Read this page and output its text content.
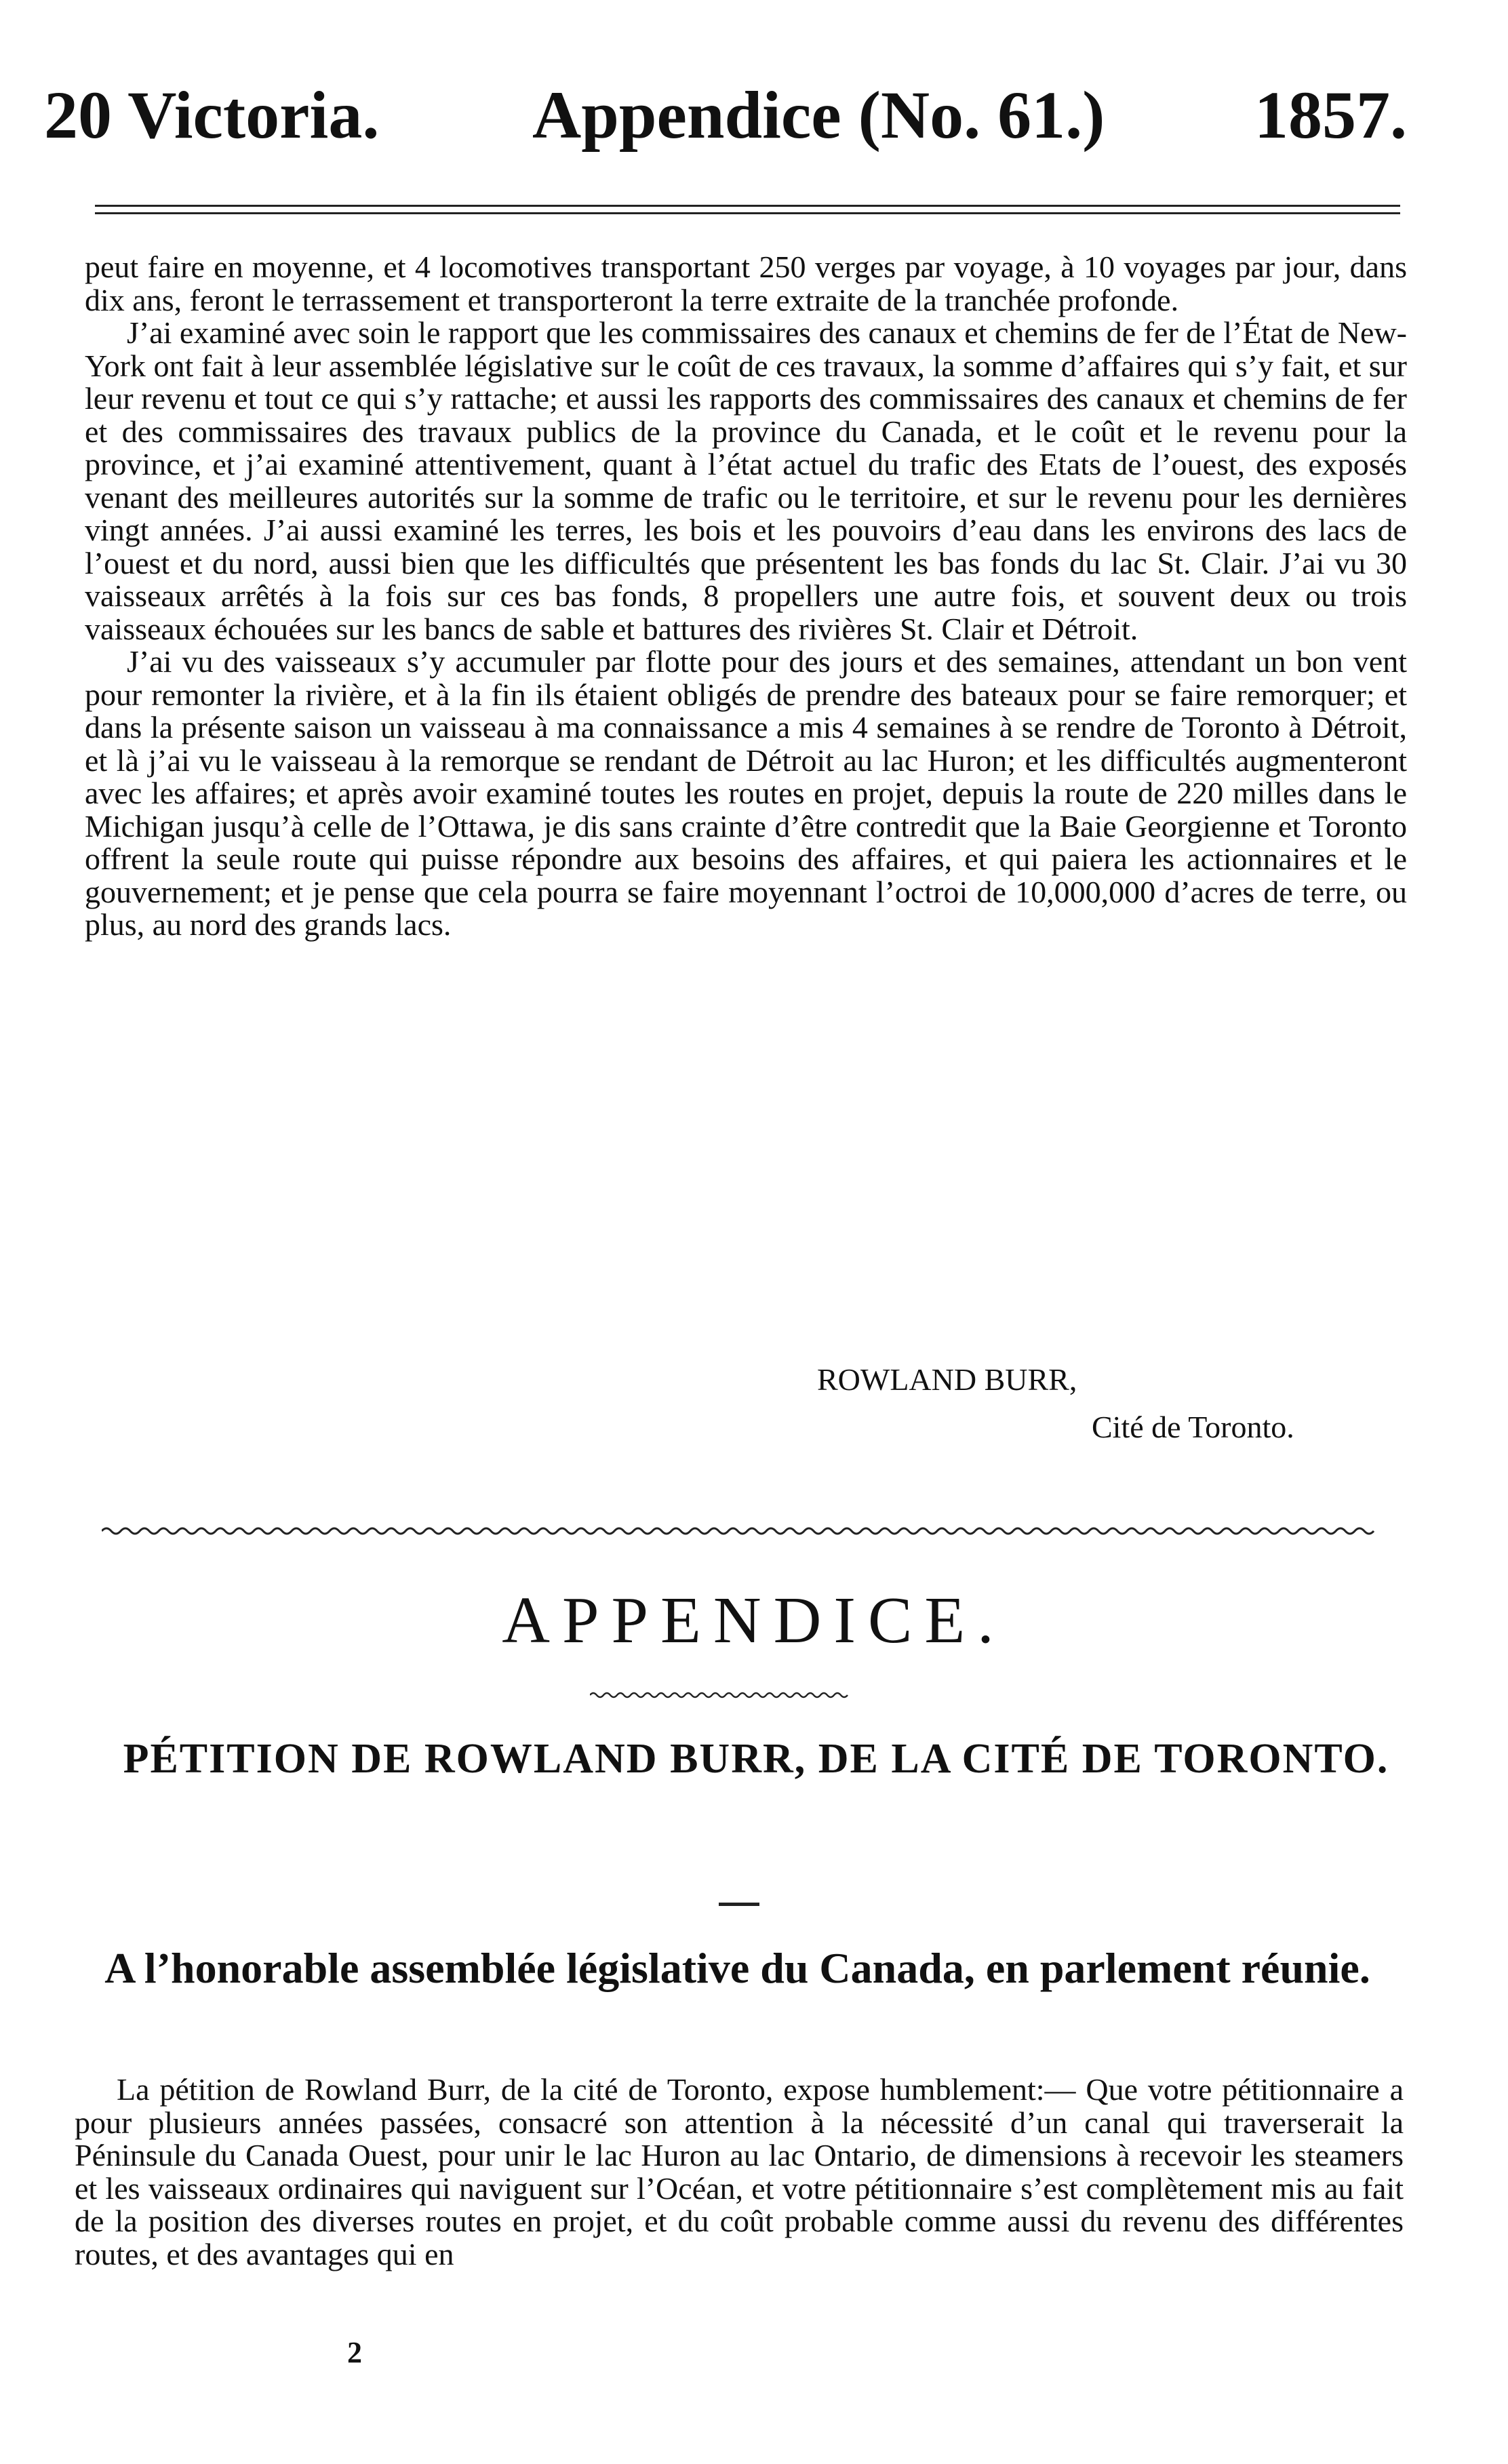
20 Victoria. Appendice (No. 61.) 1857.

peut faire en moyenne, et 4 locomotives transportant 250 verges par voyage, à 10 voyages par jour, dans dix ans, feront le terrassement et transporteront la terre extraite de la tranchée profonde.

J’ai examiné avec soin le rapport que les commissaires des canaux et chemins de fer de l’État de New-York ont fait à leur assemblée législative sur le coût de ces travaux, la somme d’affaires qui s’y fait, et sur leur revenu et tout ce qui s’y rattache; et aussi les rapports des commissaires des canaux et chemins de fer et des commissaires des travaux publics de la province du Canada, et le coût et le revenu pour la province, et j’ai examiné attentivement, quant à l’état actuel du trafic des Etats de l’ouest, des exposés venant des meilleures autorités sur la somme de trafic ou le territoire, et sur le revenu pour les dernières vingt années. J’ai aussi examiné les terres, les bois et les pouvoirs d’eau dans les environs des lacs de l’ouest et du nord, aussi bien que les difficultés que présentent les bas fonds du lac St. Clair. J’ai vu 30 vaisseaux arrêtés à la fois sur ces bas fonds, 8 propellers une autre fois, et souvent deux ou trois vaisseaux échouées sur les bancs de sable et battures des rivières St. Clair et Détroit.

J’ai vu des vaisseaux s’y accumuler par flotte pour des jours et des semaines, attendant un bon vent pour remonter la rivière, et à la fin ils étaient obligés de prendre des bateaux pour se faire remorquer; et dans la présente saison un vaisseau à ma connaissance a mis 4 semaines à se rendre de Toronto à Détroit, et là j’ai vu le vaisseau à la remorque se rendant de Détroit au lac Huron; et les difficultés augmenteront avec les affaires; et après avoir examiné toutes les routes en projet, depuis la route de 220 milles dans le Michigan jusqu’à celle de l’Ottawa, je dis sans crainte d’être contredit que la Baie Georgienne et Toronto offrent la seule route qui puisse répondre aux besoins des affaires, et qui paiera les actionnaires et le gouvernement; et je pense que cela pourra se faire moyennant l’octroi de 10,000,000 d’acres de terre, ou plus, au nord des grands lacs.

ROWLAND BURR,
Cité de Toronto.
APPENDICE.
PÉTITION DE ROWLAND BURR, DE LA CITÉ DE TORONTO.
A l’honorable assemblée législative du Canada, en parlement réunie.

La pétition de Rowland Burr, de la cité de Toronto, expose humblement:— Que votre pétitionnaire a pour plusieurs années passées, consacré son attention à la nécessité d’un canal qui traverserait la Péninsule du Canada Ouest, pour unir le lac Huron au lac Ontario, de dimensions à recevoir les steamers et les vaisseaux ordinaires qui naviguent sur l’Océan, et votre pétitionnaire s’est complètement mis au fait de la position des diverses routes en projet, et du coût probable comme aussi du revenu des différentes routes, et des avantages qui en

2
